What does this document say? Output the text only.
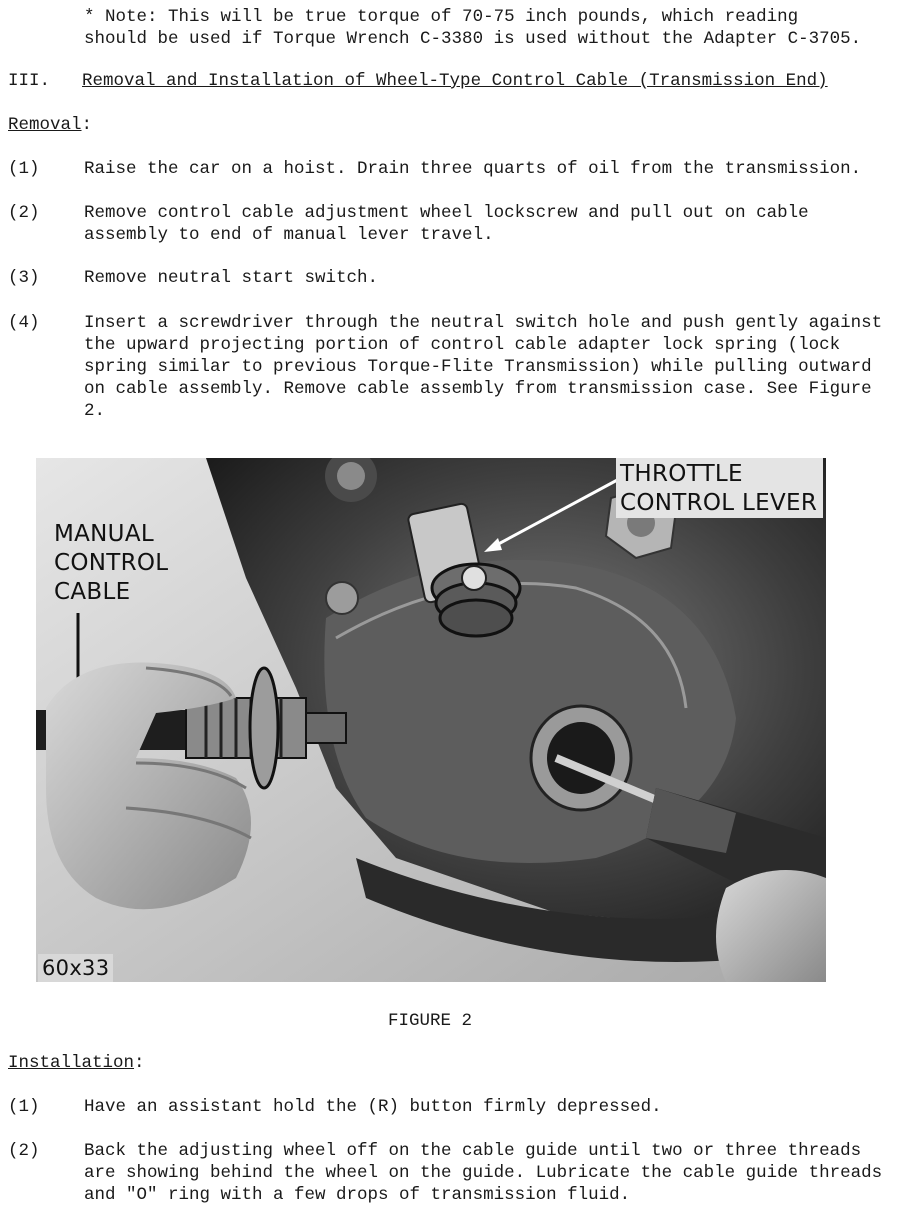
* Note: This will be true torque of 70-75 inch pounds, which reading
should be used if Torque Wrench C-3380 is used without the Adapter C-3705.
III. Removal and Installation of Wheel-Type Control Cable (Transmission End)
Removal:
(1)	Raise the car on a hoist. Drain three quarts of oil from the transmission.
(2)	Remove control cable adjustment wheel lockscrew and pull out on cable assembly to end of manual lever travel.
(3)	Remove neutral start switch.
(4)	Insert a screwdriver through the neutral switch hole and push gently against the upward projecting portion of control cable adapter lock spring (lock spring similar to previous Torque-Flite Transmission) while pulling outward on cable assembly. Remove cable assembly from transmission case. See Figure 2.
MANUAL
CONTROL
CABLE
THROTTLE
CONTROL LEVER
60x33
FIGURE 2
Installation:
(1)	Have an assistant hold the (R) button firmly depressed.
(2)	Back the adjusting wheel off on the cable guide until two or three threads are showing behind the wheel on the guide. Lubricate the cable guide threads and "O" ring with a few drops of transmission fluid.
